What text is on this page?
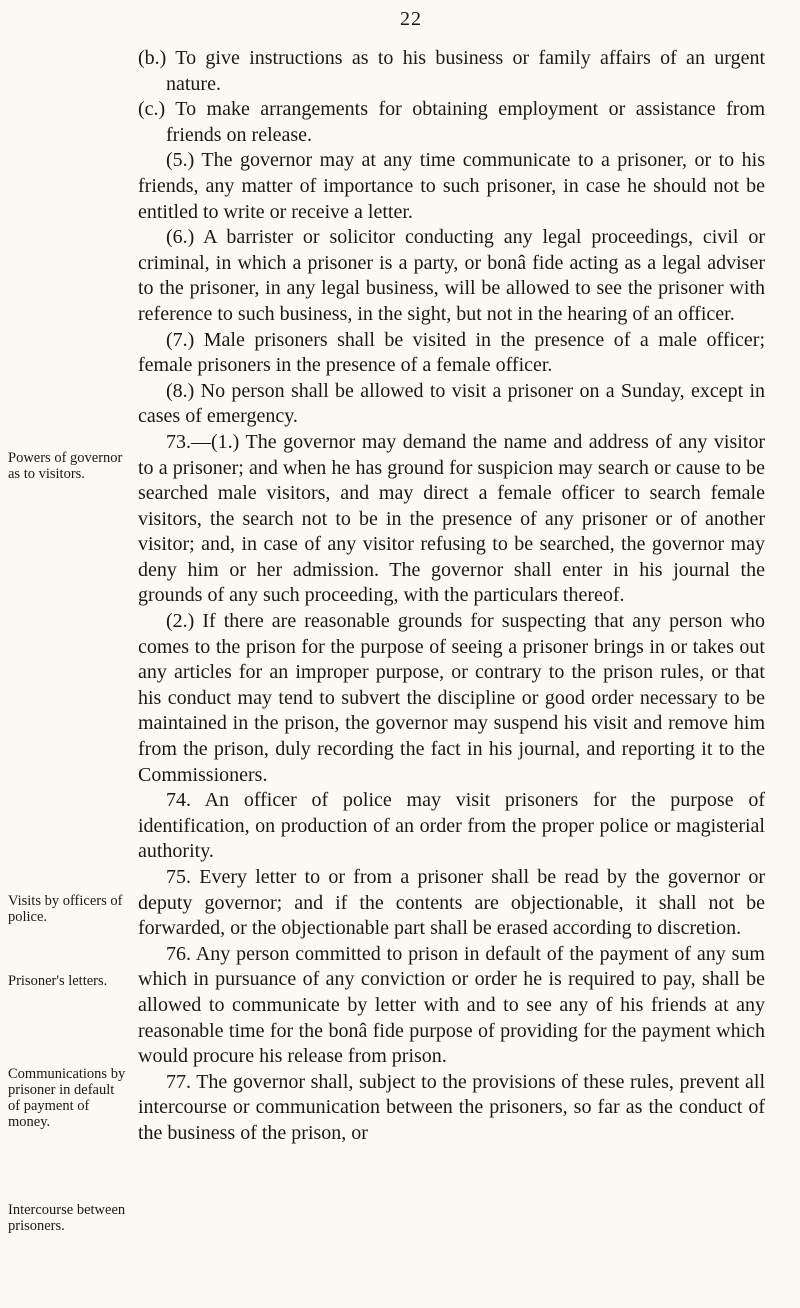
22

Powers of governor as to visitors.

Visits by officers of police.

Prisoner's letters.

Communications by prisoner in default of payment of money.

Intercourse between prisoners.

(b.) To give instructions as to his business or family affairs of an urgent nature.

(c.) To make arrangements for obtaining employment or assistance from friends on release.

(5.) The governor may at any time communicate to a prisoner, or to his friends, any matter of importance to such prisoner, in case he should not be entitled to write or receive a letter.

(6.) A barrister or solicitor conducting any legal proceedings, civil or criminal, in which a prisoner is a party, or bonâ fide acting as a legal adviser to the prisoner, in any legal business, will be allowed to see the prisoner with reference to such business, in the sight, but not in the hearing of an officer.

(7.) Male prisoners shall be visited in the presence of a male officer; female prisoners in the presence of a female officer.

(8.) No person shall be allowed to visit a prisoner on a Sunday, except in cases of emergency.

73.—(1.) The governor may demand the name and address of any visitor to a prisoner; and when he has ground for suspicion may search or cause to be searched male visitors, and may direct a female officer to search female visitors, the search not to be in the presence of any prisoner or of another visitor; and, in case of any visitor refusing to be searched, the governor may deny him or her admission. The governor shall enter in his journal the grounds of any such proceeding, with the particulars thereof.

(2.) If there are reasonable grounds for suspecting that any person who comes to the prison for the purpose of seeing a prisoner brings in or takes out any articles for an improper purpose, or contrary to the prison rules, or that his conduct may tend to subvert the discipline or good order necessary to be maintained in the prison, the governor may suspend his visit and remove him from the prison, duly recording the fact in his journal, and reporting it to the Commissioners.

74. An officer of police may visit prisoners for the purpose of identification, on production of an order from the proper police or magisterial authority.

75. Every letter to or from a prisoner shall be read by the governor or deputy governor; and if the contents are objectionable, it shall not be forwarded, or the objectionable part shall be erased according to discretion.

76. Any person committed to prison in default of the payment of any sum which in pursuance of any conviction or order he is required to pay, shall be allowed to communicate by letter with and to see any of his friends at any reasonable time for the bonâ fide purpose of providing for the payment which would procure his release from prison.

77. The governor shall, subject to the provisions of these rules, prevent all intercourse or communication between the prisoners, so far as the conduct of the business of the prison, or
